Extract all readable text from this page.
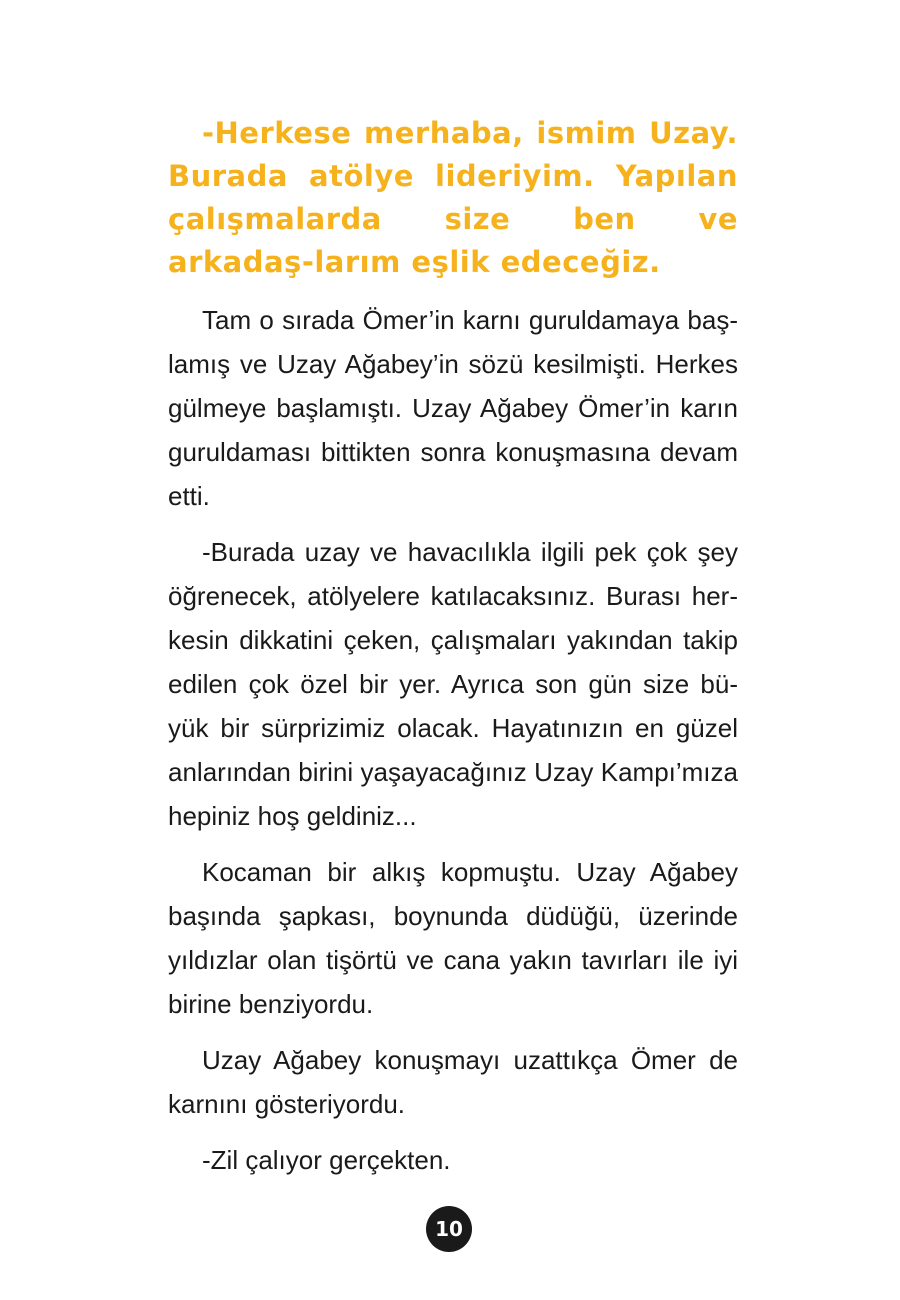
-Herkese merhaba, ismim Uzay. Burada atölye lideriyim. Yapılan çalışmalarda size ben ve arkadaş-larım eşlik edeceğiz.

Tam o sırada Ömer’in karnı guruldamaya baş-lamış ve Uzay Ağabey’in sözü kesilmişti. Herkes gülmeye başlamıştı. Uzay Ağabey Ömer’in karın guruldaması bittikten sonra konuşmasına devam etti.

-Burada uzay ve havacılıkla ilgili pek çok şey öğrenecek, atölyelere katılacaksınız. Burası her-kesin dikkatini çeken, çalışmaları yakından takip edilen çok özel bir yer. Ayrıca son gün size bü-yük bir sürprizimiz olacak. Hayatınızın en güzel anlarından birini yaşayacağınız Uzay Kampı’mıza hepiniz hoş geldiniz...

Kocaman bir alkış kopmuştu. Uzay Ağabey başında şapkası, boynunda düdüğü, üzerinde yıldızlar olan tişörtü ve cana yakın tavırları ile iyi birine benziyordu.

Uzay Ağabey konuşmayı uzattıkça Ömer de karnını gösteriyordu.

-Zil çalıyor gerçekten.

10
